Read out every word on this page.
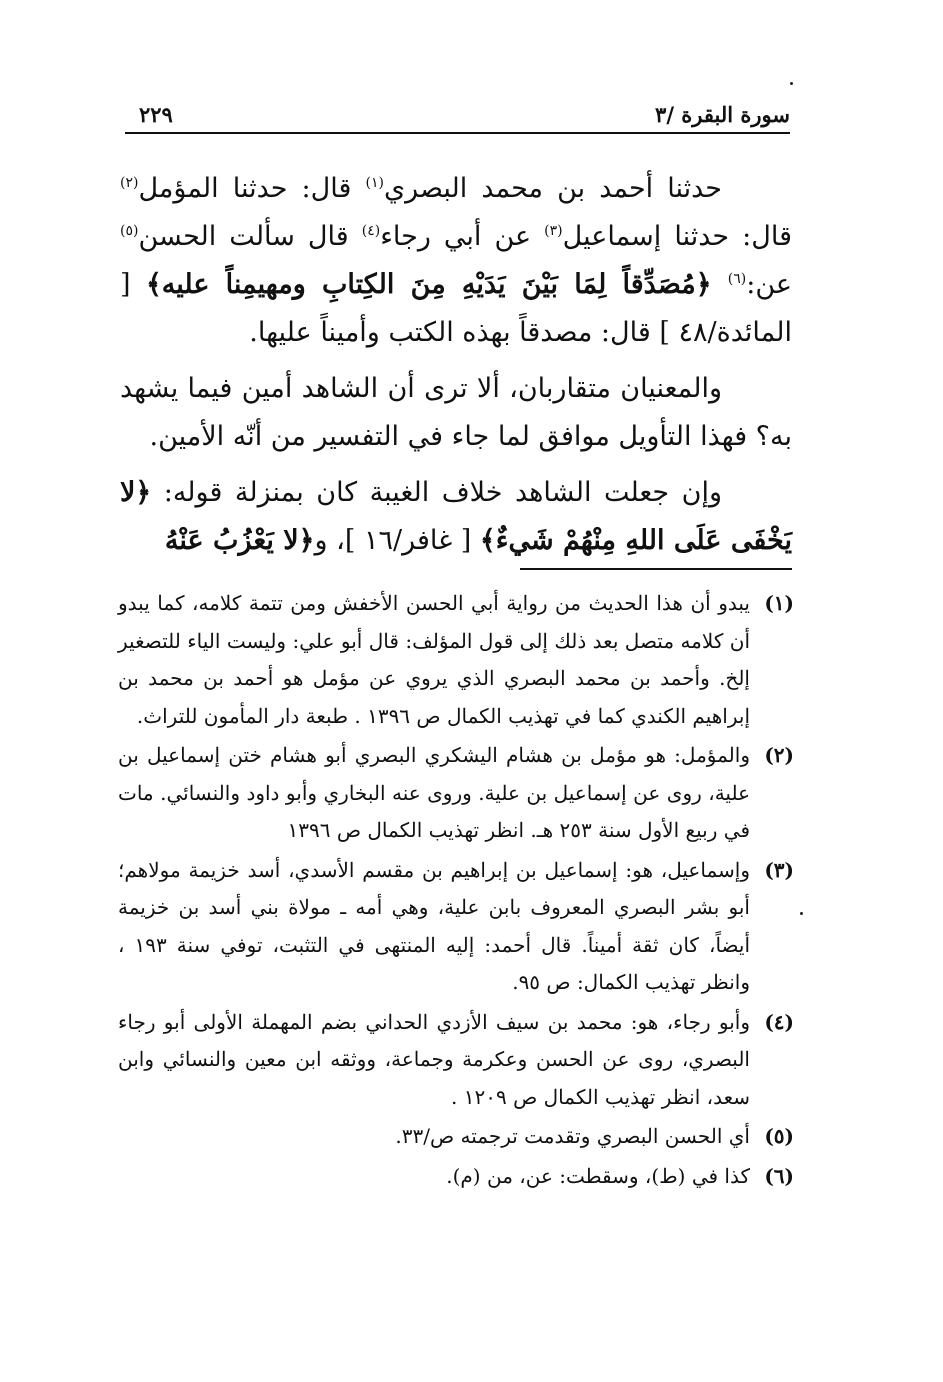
سورة البقرة /٣
٢٢٩

حدثنا أحمد بن محمد البصري$^{(١)}$ قال: حدثنا المؤمل$^{(٢)}$ قال: حدثنا إسماعيل$^{(٣)}$ عن أبي رجاء$^{(٤)}$ قال سألت الحسن$^{(٥)}$ عن:$^{(٦)}$ ﴿مُصَدِّقاً لِمَا بَيْنَ يَدَيْهِ مِنَ الكِتابِ ومهيمِناً عليه﴾ [ المائدة/٤٨ ] قال: مصدقاً بهذه الكتب وأميناً عليها.

والمعنيان متقاربان، ألا ترى أن الشاهد أمين فيما يشهد به؟ فهذا التأويل موافق لما جاء في التفسير من أنّه الأمين.

وإن جعلت الشاهد خلاف الغيبة كان بمنزلة قوله: ﴿لا يَخْفَى عَلَى اللهِ مِنْهُمْ شَيءٌ﴾ [ غافر/١٦ ]، و﴿لا يَعْزُبُ عَنْهُ

(١)
يبدو أن هذا الحديث من رواية أبي الحسن الأخفش ومن تتمة كلامه، كما يبدو أن كلامه متصل بعد ذلك إلى قول المؤلف: قال أبو علي: وليست الياء للتصغير إلخ. وأحمد بن محمد البصري الذي يروي عن مؤمل هو أحمد بن محمد بن إبراهيم الكندي كما في تهذيب الكمال ص ١٣٩٦ . طبعة دار المأمون للتراث.
(٢)
والمؤمل: هو مؤمل بن هشام اليشكري البصري أبو هشام ختن إسماعيل بن علية، روى عن إسماعيل بن علية. وروى عنه البخاري وأبو داود والنسائي. مات في ربيع الأول سنة ٢٥٣ هـ. انظر تهذيب الكمال ص ١٣٩٦
(٣)
وإسماعيل، هو: إسماعيل بن إبراهيم بن مقسم الأسدي، أسد خزيمة مولاهم؛ أبو بشر البصري المعروف بابن علية، وهي أمه ـ مولاة بني أسد بن خزيمة أيضاً، كان ثقة أميناً. قال أحمد: إليه المنتهى في التثبت، توفي سنة ١٩٣ ، وانظر تهذيب الكمال: ص ٩٥.
(٤)
وأبو رجاء، هو: محمد بن سيف الأزدي الحداني بضم المهملة الأولى أبو رجاء البصري، روى عن الحسن وعكرمة وجماعة، ووثقه ابن معين والنسائي وابن سعد، انظر تهذيب الكمال ص ١٢٠٩ .
(٥)
أي الحسن البصري وتقدمت ترجمته ص/٣٣.
(٦)
كذا في (ط)، وسقطت: عن، من (م).
